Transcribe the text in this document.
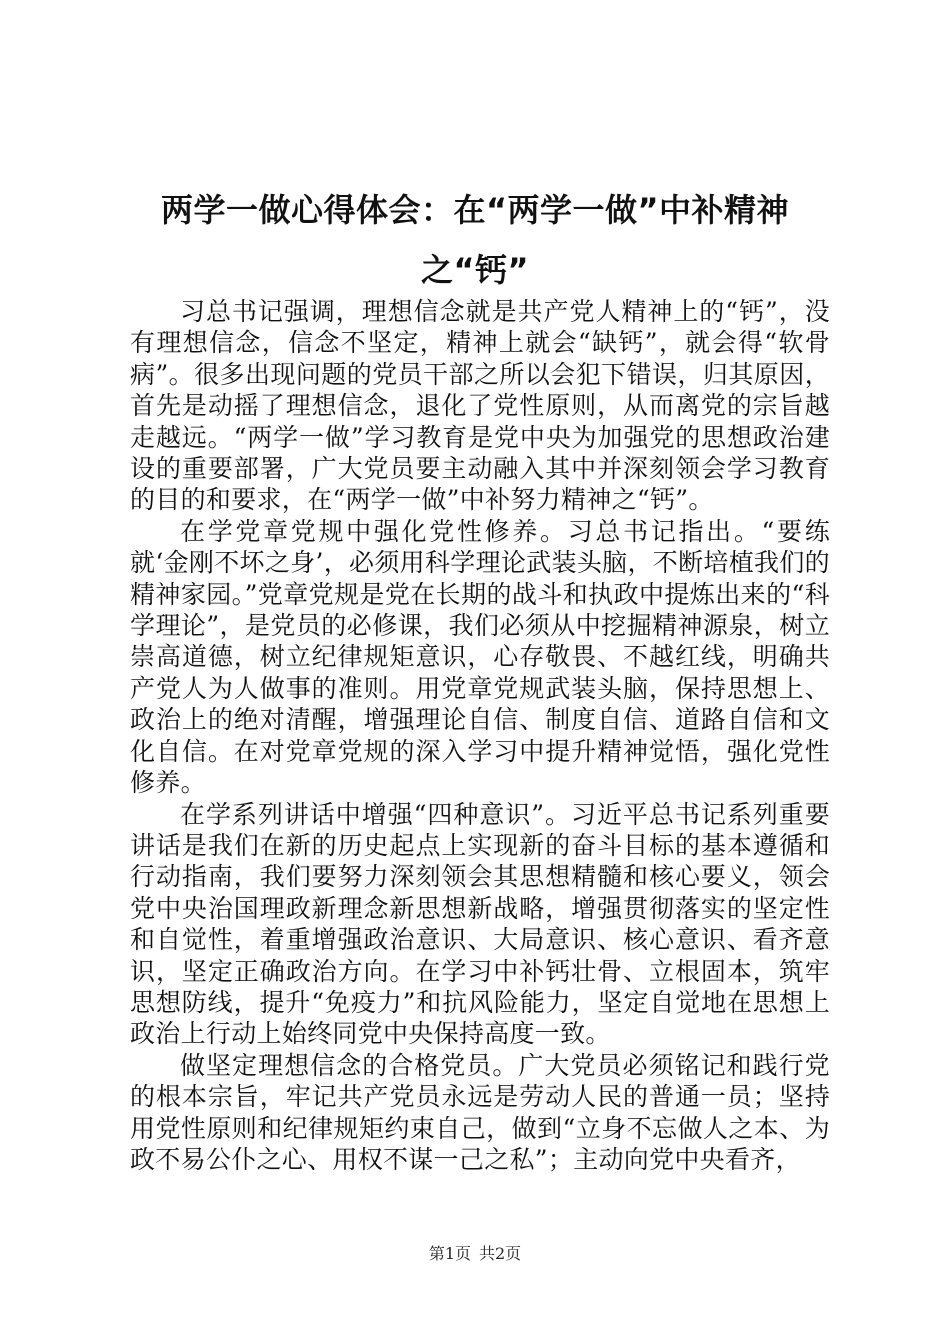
两学一做心得体会：在“两学一做”中补精神
之“钙”

习总书记强调，理想信念就是共产党人精神上的“钙”，没有理想信念，信念不坚定，精神上就会“缺钙”，就会得“软骨病”。很多出现问题的党员干部之所以会犯下错误，归其原因，首先是动摇了理想信念，退化了党性原则，从而离党的宗旨越走越远。“两学一做”学习教育是党中央为加强党的思想政治建设的重要部署，广大党员要主动融入其中并深刻领会学习教育的目的和要求，在“两学一做”中补努力精神之“钙”。

在学党章党规中强化党性修养。习总书记指出。“要练就‘金刚不坏之身’，必须用科学理论武装头脑，不断培植我们的精神家园。”党章党规是党在长期的战斗和执政中提炼出来的“科学理论”，是党员的必修课，我们必须从中挖掘精神源泉，树立崇高道德，树立纪律规矩意识，心存敬畏、不越红线，明确共产党人为人做事的准则。用党章党规武装头脑，保持思想上、政治上的绝对清醒，增强理论自信、制度自信、道路自信和文化自信。在对党章党规的深入学习中提升精神觉悟，强化党性修养。

在学系列讲话中增强“四种意识”。习近平总书记系列重要讲话是我们在新的历史起点上实现新的奋斗目标的基本遵循和行动指南，我们要努力深刻领会其思想精髓和核心要义，领会党中央治国理政新理念新思想新战略，增强贯彻落实的坚定性和自觉性，着重增强政治意识、大局意识、核心意识、看齐意识，坚定正确政治方向。在学习中补钙壮骨、立根固本，筑牢思想防线，提升“免疫力”和抗风险能力，坚定自觉地在思想上政治上行动上始终同党中央保持高度一致。

做坚定理想信念的合格党员。广大党员必须铭记和践行党的根本宗旨，牢记共产党员永远是劳动人民的普通一员；坚持用党性原则和纪律规矩约束自己，做到“立身不忘做人之本、为政不易公仆之心、用权不谋一己之私”；主动向党中央看齐，

第1页 共2页
